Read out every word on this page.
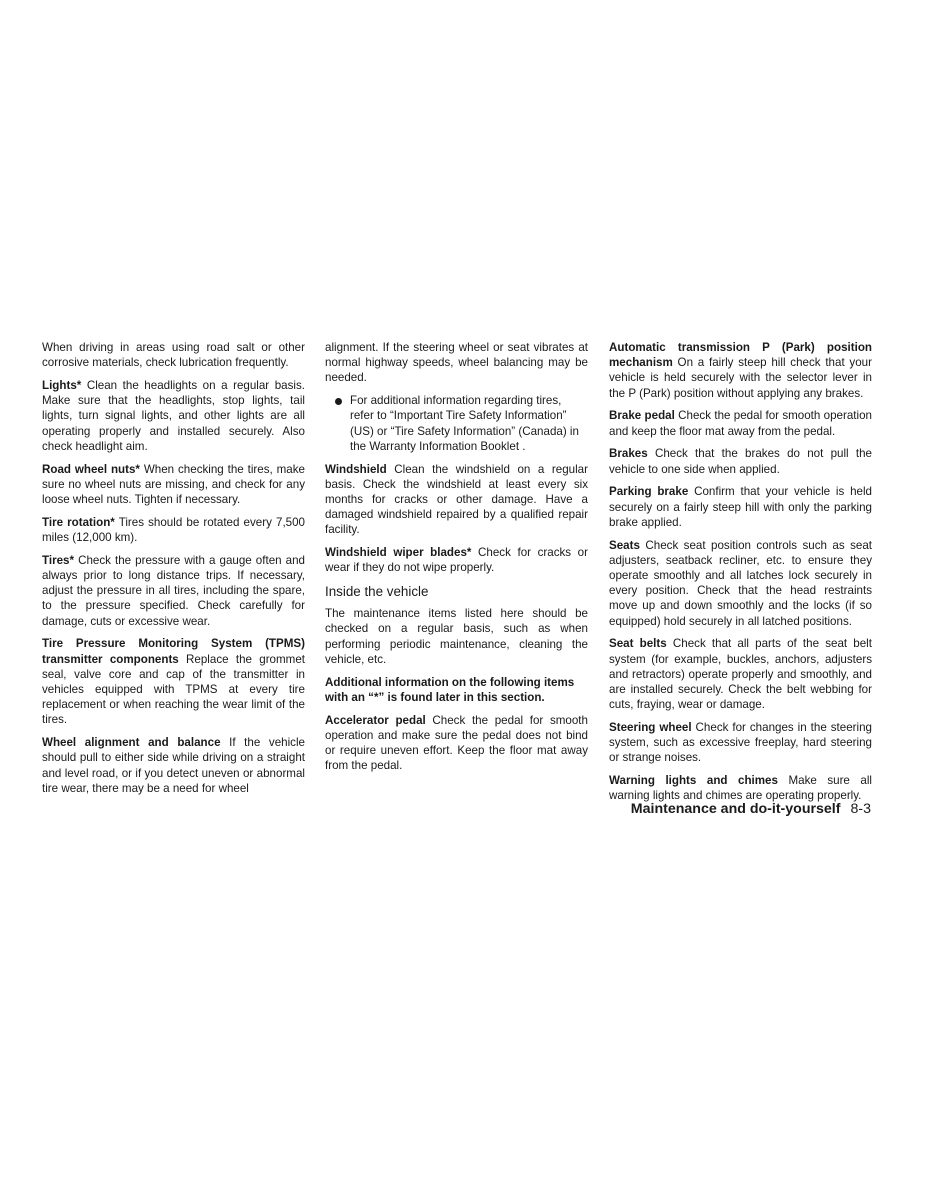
When driving in areas using road salt or other corrosive materials, check lubrication frequently.

Lights* Clean the headlights on a regular basis. Make sure that the headlights, stop lights, tail lights, turn signal lights, and other lights are all operating properly and installed securely. Also check headlight aim.

Road wheel nuts* When checking the tires, make sure no wheel nuts are missing, and check for any loose wheel nuts. Tighten if necessary.

Tire rotation* Tires should be rotated every 7,500 miles (12,000 km).

Tires* Check the pressure with a gauge often and always prior to long distance trips. If necessary, adjust the pressure in all tires, including the spare, to the pressure specified. Check carefully for damage, cuts or excessive wear.

Tire Pressure Monitoring System (TPMS) transmitter components Replace the grommet seal, valve core and cap of the transmitter in vehicles equipped with TPMS at every tire replacement or when reaching the wear limit of the tires.

Wheel alignment and balance If the vehicle should pull to either side while driving on a straight and level road, or if you detect uneven or abnormal tire wear, there may be a need for wheel

alignment. If the steering wheel or seat vibrates at normal highway speeds, wheel balancing may be needed.

For additional information regarding tires, refer to “Important Tire Safety Information” (US) or “Tire Safety Information” (Canada) in the Warranty Information Booklet .

Windshield Clean the windshield on a regular basis. Check the windshield at least every six months for cracks or other damage. Have a damaged windshield repaired by a qualified repair facility.

Windshield wiper blades* Check for cracks or wear if they do not wipe properly.

Inside the vehicle

The maintenance items listed here should be checked on a regular basis, such as when performing periodic maintenance, cleaning the vehicle, etc.

Additional information on the following items with an “*” is found later in this section.

Accelerator pedal Check the pedal for smooth operation and make sure the pedal does not bind or require uneven effort. Keep the floor mat away from the pedal.

Automatic transmission P (Park) position mechanism On a fairly steep hill check that your vehicle is held securely with the selector lever in the P (Park) position without applying any brakes.

Brake pedal Check the pedal for smooth operation and keep the floor mat away from the pedal.

Brakes Check that the brakes do not pull the vehicle to one side when applied.

Parking brake Confirm that your vehicle is held securely on a fairly steep hill with only the parking brake applied.

Seats Check seat position controls such as seat adjusters, seatback recliner, etc. to ensure they operate smoothly and all latches lock securely in every position. Check that the head restraints move up and down smoothly and the locks (if so equipped) hold securely in all latched positions.

Seat belts Check that all parts of the seat belt system (for example, buckles, anchors, adjusters and retractors) operate properly and smoothly, and are installed securely. Check the belt webbing for cuts, fraying, wear or damage.

Steering wheel Check for changes in the steering system, such as excessive freeplay, hard steering or strange noises.

Warning lights and chimes Make sure all warning lights and chimes are operating properly.

Maintenance and do-it-yourself 8-3
